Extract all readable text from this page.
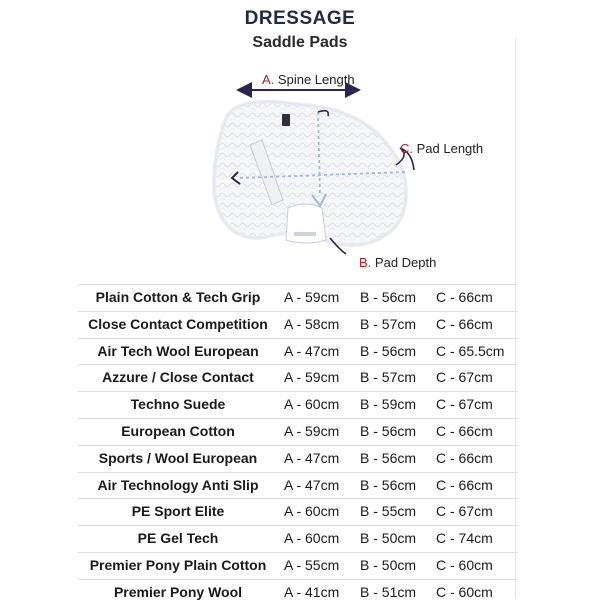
DRESSAGE
Saddle Pads
A. Spine Length
C. Pad Length
B. Pad Depth
Plain Cotton & Tech Grip	A - 59cm B - 56cm C - 66cm
Close Contact Competition	A - 58cm B - 57cm C - 66cm
Air Tech Wool European	A - 47cm B - 56cm C - 65.5cm
Azzure / Close Contact	A - 59cm B - 57cm C - 67cm
Techno Suede	A - 60cm B - 59cm C - 67cm
European Cotton	A - 59cm B - 56cm C - 66cm
Sports / Wool European	A - 47cm B - 56cm C - 66cm
Air Technology Anti Slip	A - 47cm B - 56cm C - 66cm
PE Sport Elite	A - 60cm B - 55cm C - 67cm
PE Gel Tech	A - 60cm B - 50cm C - 74cm
Premier Pony Plain Cotton	A - 55cm B - 50cm C - 60cm
Premier Pony Wool	A - 41cm B - 51cm C - 60cm
